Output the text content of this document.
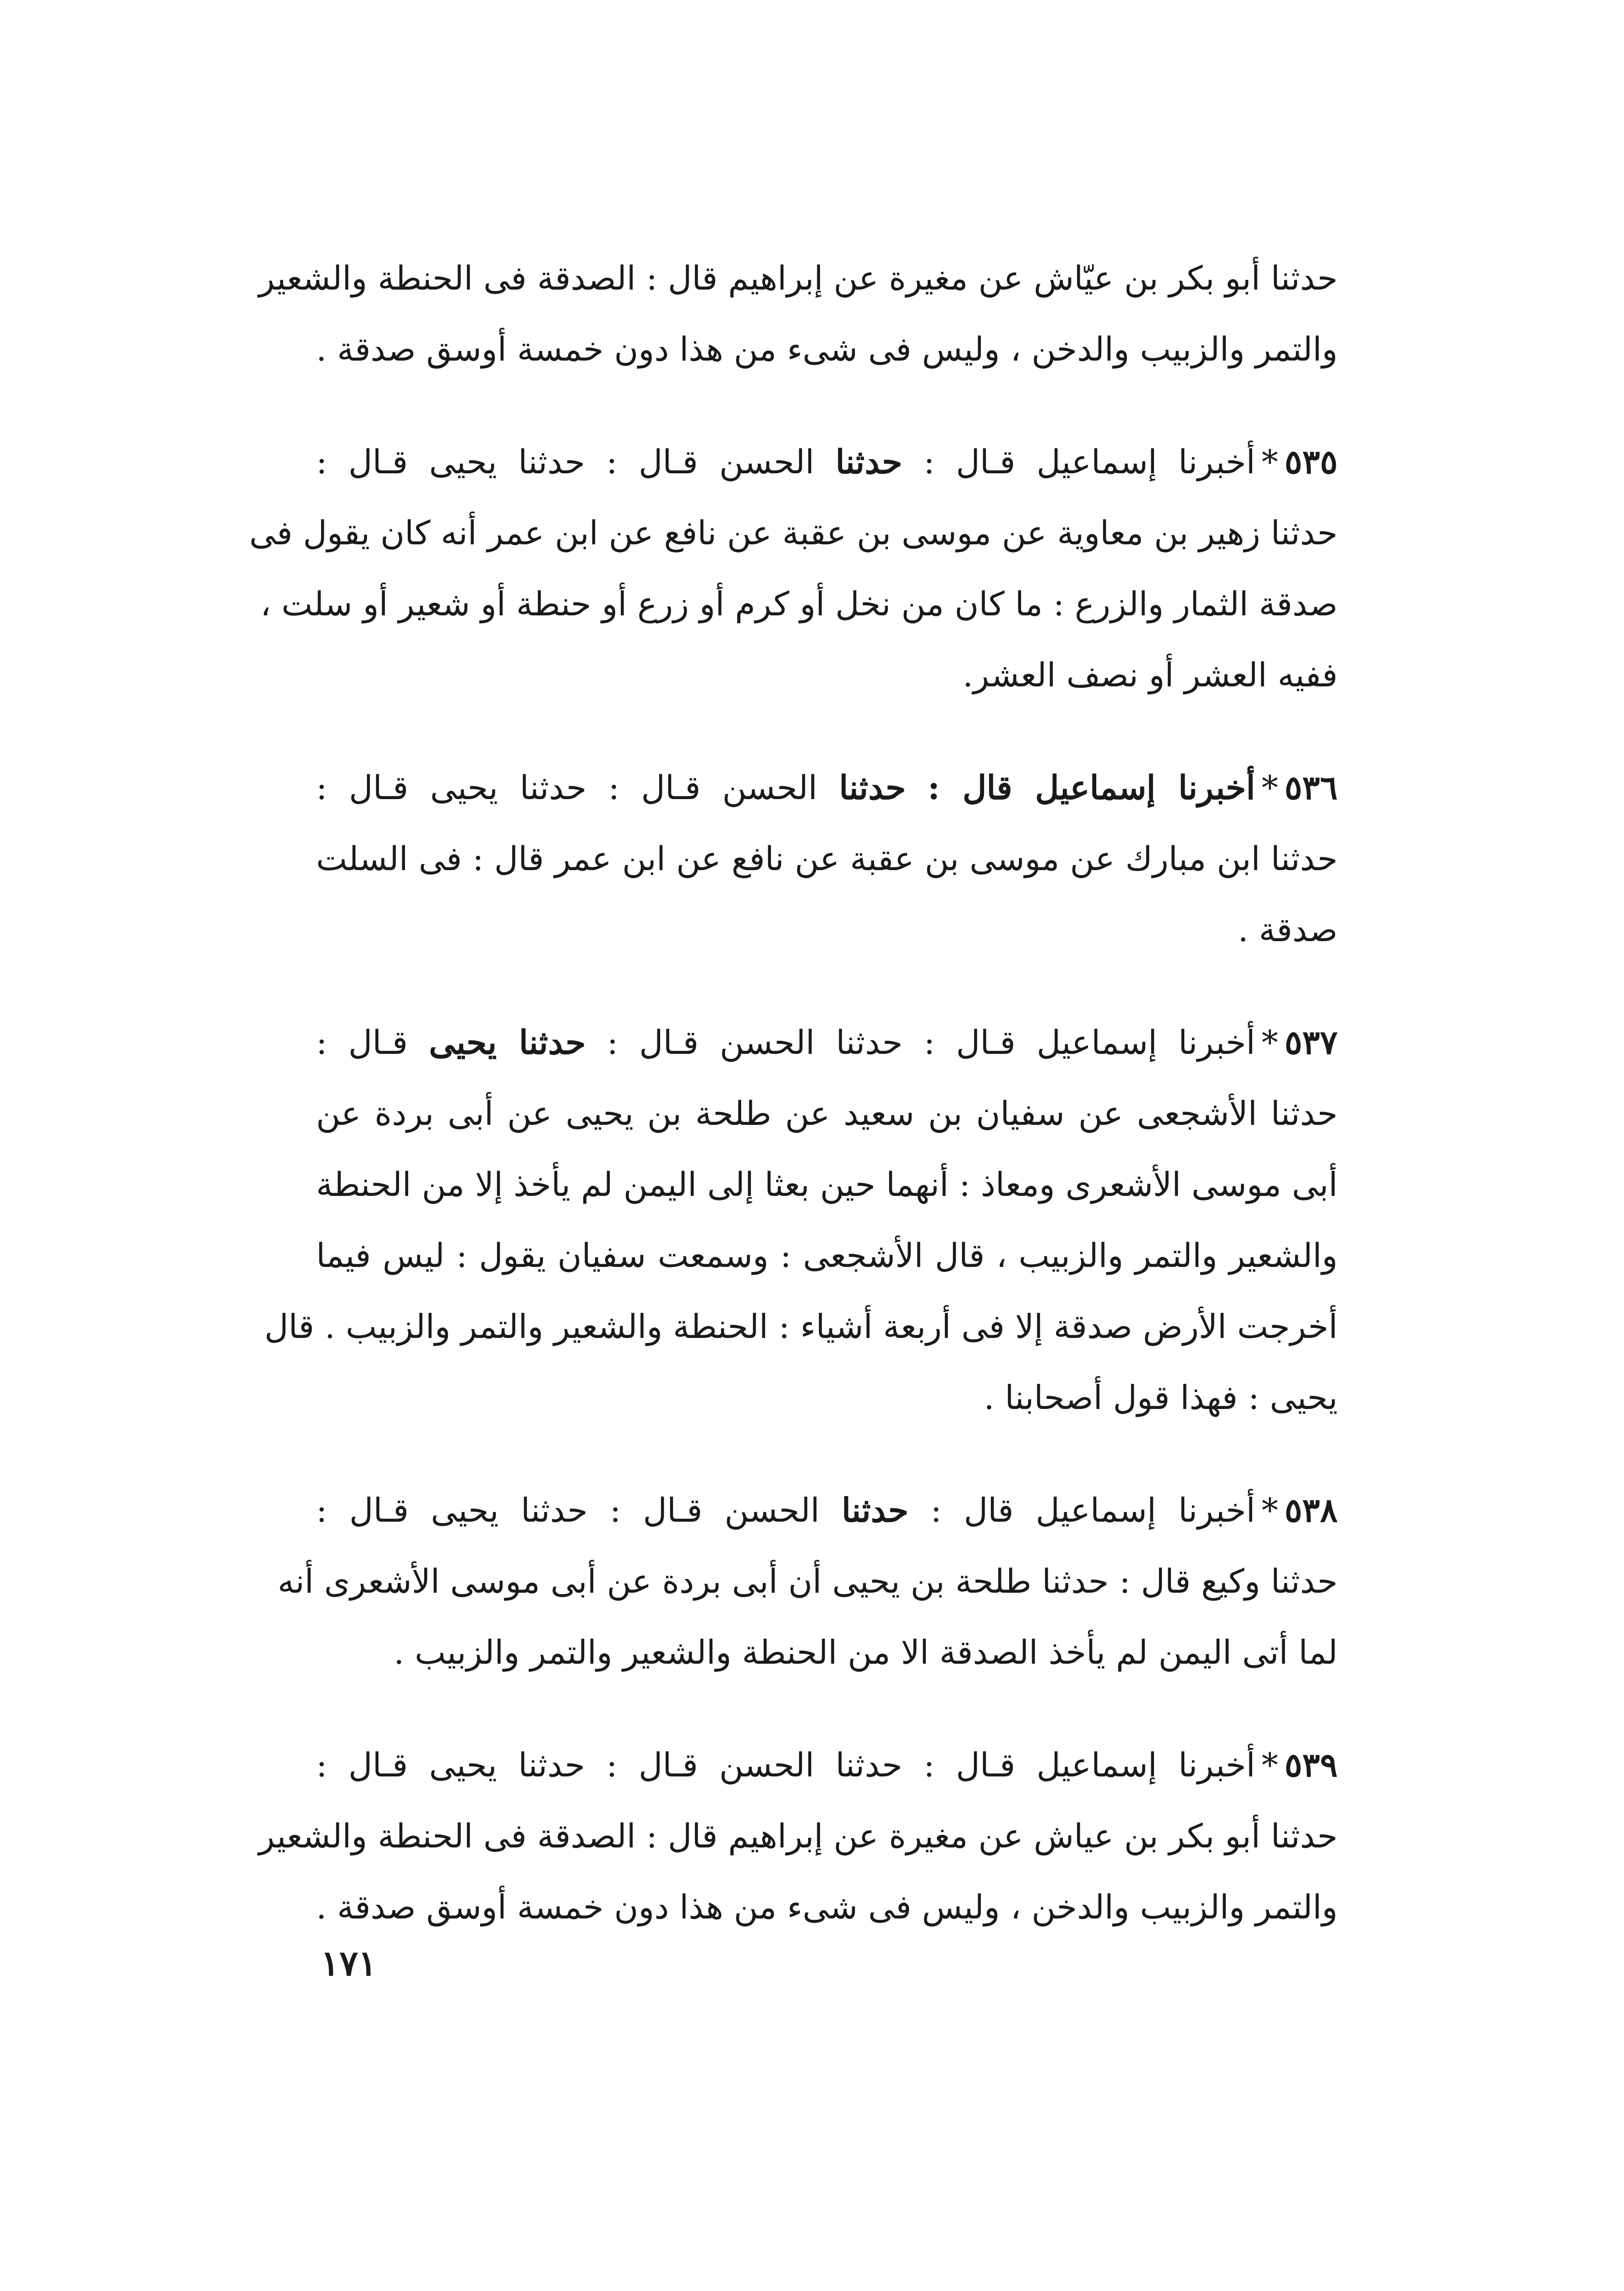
حدثنا أبو بكر بن عيّاش عن مغيرة عن إبراهيم قال : الصدقة فى الحنطة والشعير
والتمر والزبيب والدخن ، وليس فى شىء من هذا دون خمسة أوسق صدقة .

٥٣٥*أخبرنا إسماعيل قـال : حدثنا الحسن قـال : حدثنا يحيى قـال :
حدثنا زهير بن معاوية عن موسى بن عقبة عن نافع عن ابن عمر أنه كان يقول فى
صدقة الثمار والزرع : ما كان من نخل أو كرم أو زرع أو حنطة أو شعير أو سلت ،
ففيه العشر أو نصف العشر.

٥٣٦*أخبرنا إسماعيل قال : حدثنا الحسن قـال : حدثنا يحيى قـال :
حدثنا ابن مبارك عن موسى بن عقبة عن نافع عن ابن عمر قال : فى السلت
صدقة .

٥٣٧*أخبرنا إسماعيل قـال : حدثنا الحسن قـال : حدثنا يحيى قـال :
حدثنا الأشجعى عن سفيان بن سعيد عن طلحة بن يحيى عن أبى بردة عن
أبى موسى الأشعرى ومعاذ : أنهما حين بعثا إلى اليمن لم يأخذ إلا من الحنطة
والشعير والتمر والزبيب ، قال الأشجعى : وسمعت سفيان يقول : ليس فيما
أخرجت الأرض صدقة إلا فى أربعة أشياء : الحنطة والشعير والتمر والزبيب . قال
يحيى : فهذا قول أصحابنا .

٥٣٨*أخبرنا إسماعيل قال : حدثنا الحسن قـال : حدثنا يحيى قـال :
حدثنا وكيع قال : حدثنا طلحة بن يحيى أن أبى بردة عن أبى موسى الأشعرى أنه
لما أتى اليمن لم يأخذ الصدقة الا من الحنطة والشعير والتمر والزبيب .

٥٣٩*أخبرنا إسماعيل قـال : حدثنا الحسن قـال : حدثنا يحيى قـال :
حدثنا أبو بكر بن عياش عن مغيرة عن إبراهيم قال : الصدقة فى الحنطة والشعير
والتمر والزبيب والدخن ، وليس فى شىء من هذا دون خمسة أوسق صدقة .

١٧١
